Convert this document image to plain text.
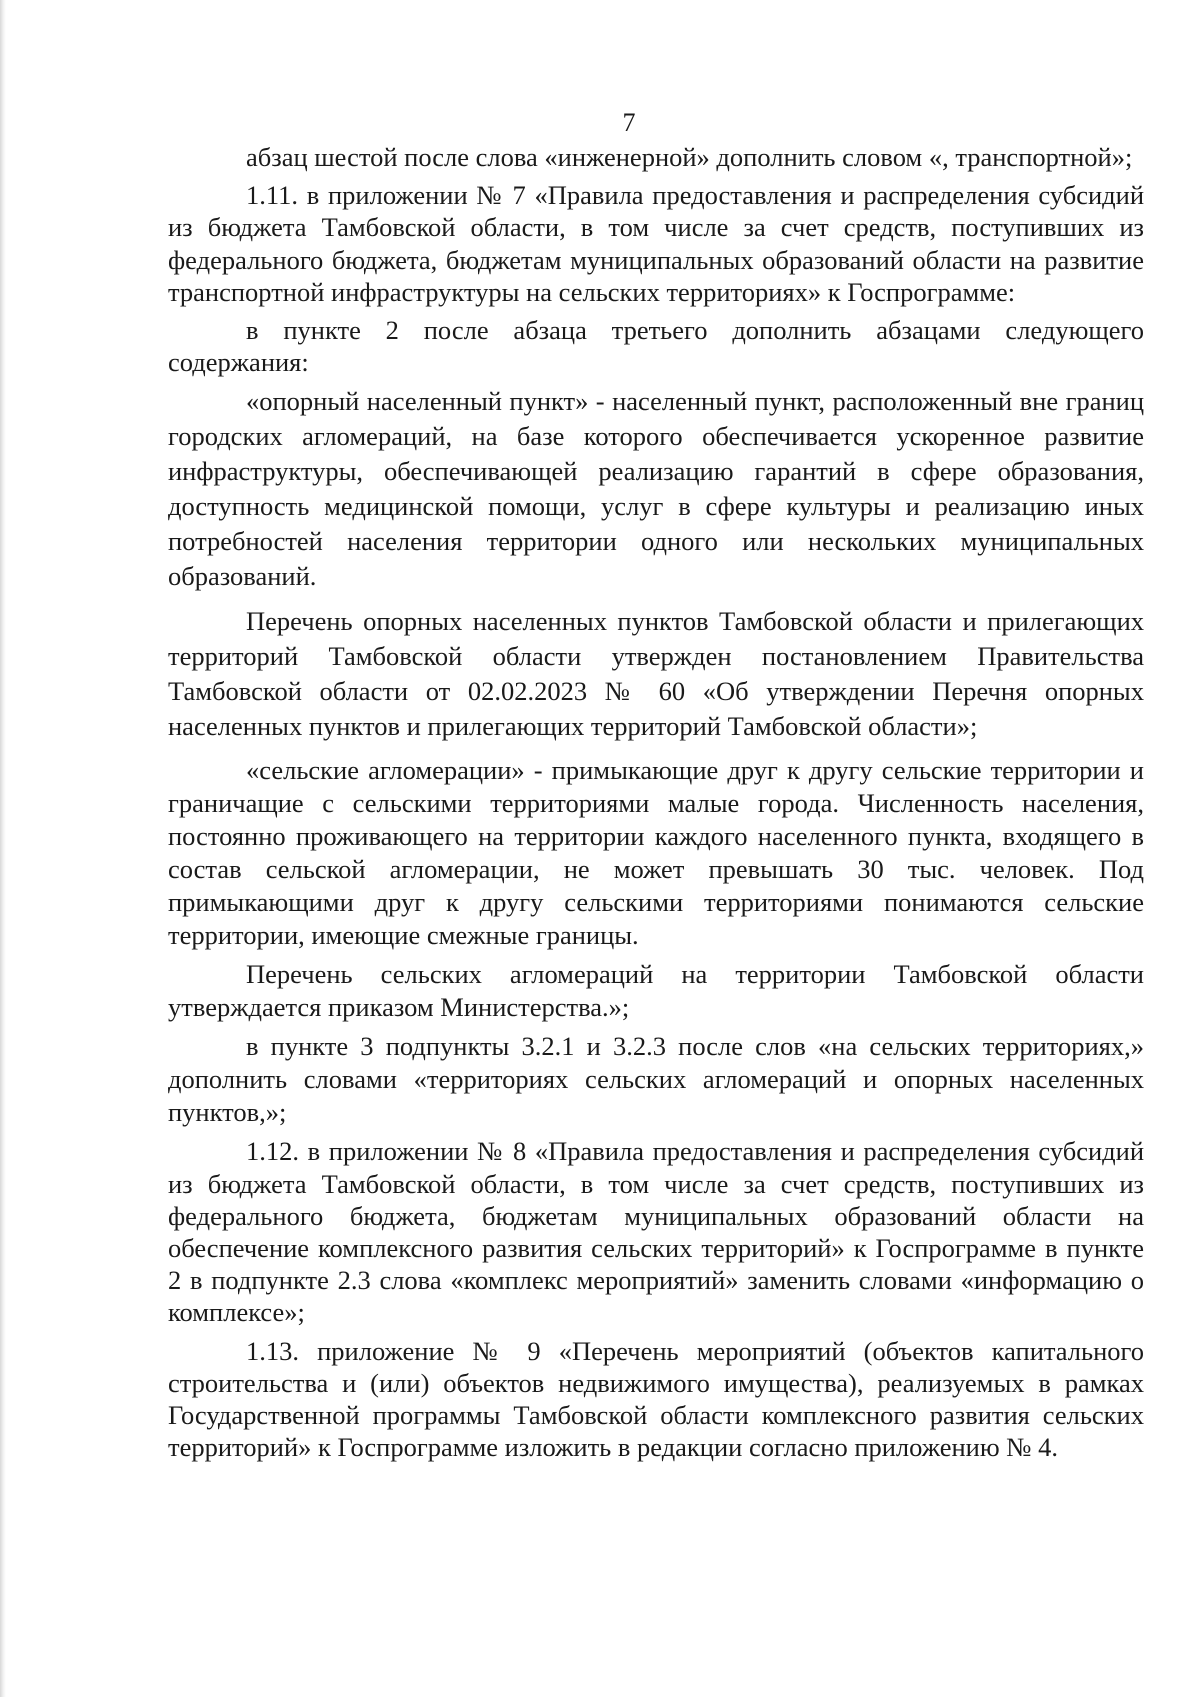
7

абзац шестой после слова «инженерной» дополнить словом «, транспортной»;

1.11. в приложении № 7 «Правила предоставления и распределения субсидий из бюджета Тамбовской области, в том числе за счет средств, поступивших из федерального бюджета, бюджетам муниципальных образований области на развитие транспортной инфраструктуры на сельских территориях» к Госпрограмме:

в пункте 2 после абзаца третьего дополнить абзацами следующего содержания:

«опорный населенный пункт» - населенный пункт, расположенный вне границ городских агломераций, на базе которого обеспечивается ускоренное развитие инфраструктуры, обеспечивающей реализацию гарантий в сфере образования, доступность медицинской помощи, услуг в сфере культуры и реализацию иных потребностей населения территории одного или нескольких муниципальных образований.

Перечень опорных населенных пунктов Тамбовской области и прилегающих территорий Тамбовской области утвержден постановлением Правительства Тамбовской области от 02.02.2023 № 60 «Об утверждении Перечня опорных населенных пунктов и прилегающих территорий Тамбовской области»;

«сельские агломерации» - примыкающие друг к другу сельские территории и граничащие с сельскими территориями малые города. Численность населения, постоянно проживающего на территории каждого населенного пункта, входящего в состав сельской агломерации, не может превышать 30 тыс. человек. Под примыкающими друг к другу сельскими территориями понимаются сельские территории, имеющие смежные границы.

Перечень сельских агломераций на территории Тамбовской области утверждается приказом Министерства.»;

в пункте 3 подпункты 3.2.1 и 3.2.3 после слов «на сельских территориях,» дополнить словами «территориях сельских агломераций и опорных населенных пунктов,»;

1.12. в приложении № 8 «Правила предоставления и распределения субсидий из бюджета Тамбовской области, в том числе за счет средств, поступивших из федерального бюджета, бюджетам муниципальных образований области на обеспечение комплексного развития сельских территорий» к Госпрограмме в пункте 2 в подпункте 2.3 слова «комплекс мероприятий» заменить словами «информацию о комплексе»;

1.13. приложение № 9 «Перечень мероприятий (объектов капитального строительства и (или) объектов недвижимого имущества), реализуемых в рамках Государственной программы Тамбовской области комплексного развития сельских территорий» к Госпрограмме изложить в редакции согласно приложению № 4.
